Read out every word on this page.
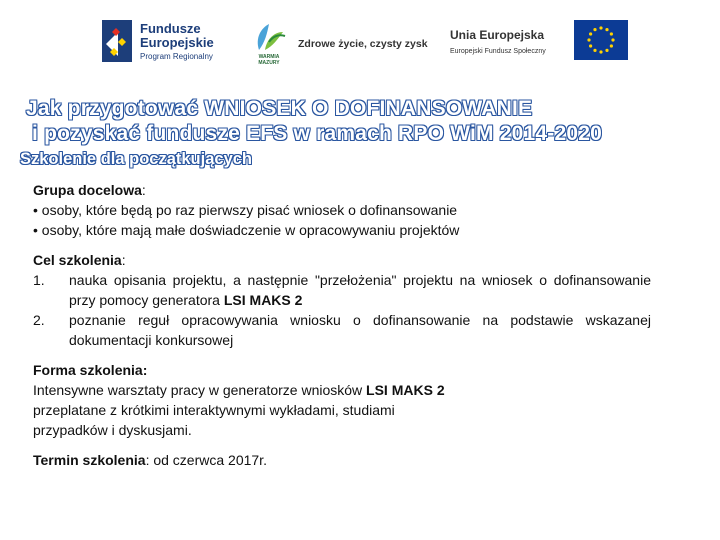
Fundusze
Europejskie
Program Regionalny	WARMIA
MAZURY
Zdrowe życie, czysty zysk
Unia Europejska
Europejski Fundusz Społeczny
Jak przygotować WNIOSEK O DOFINANSOWANIE
i pozyskać fundusze EFS w ramach RPO WiM 2014-2020
Szkolenie dla początkujących

Grupa docelowa:

• osoby, które będą po raz pierwszy pisać wniosek o dofinansowanie

• osoby, które mają małe doświadczenie w opracowywaniu projektów

Cel szkolenia:

1.	nauka opisania projektu, a następnie "przełożenia" projektu na wniosek o dofinansowanie przy pomocy generatora LSI MAKS 2
2.	poznanie reguł opracowywania wniosku o dofinansowanie na podstawie wskazanej dokumentacji konkursowej

Forma szkolenia:

Intensywne warsztaty pracy w generatorze wniosków LSI MAKS 2

przeplatane z krótkimi interaktywnymi wykładami, studiami

przypadków i dyskusjami.

Termin szkolenia: od czerwca 2017r.
